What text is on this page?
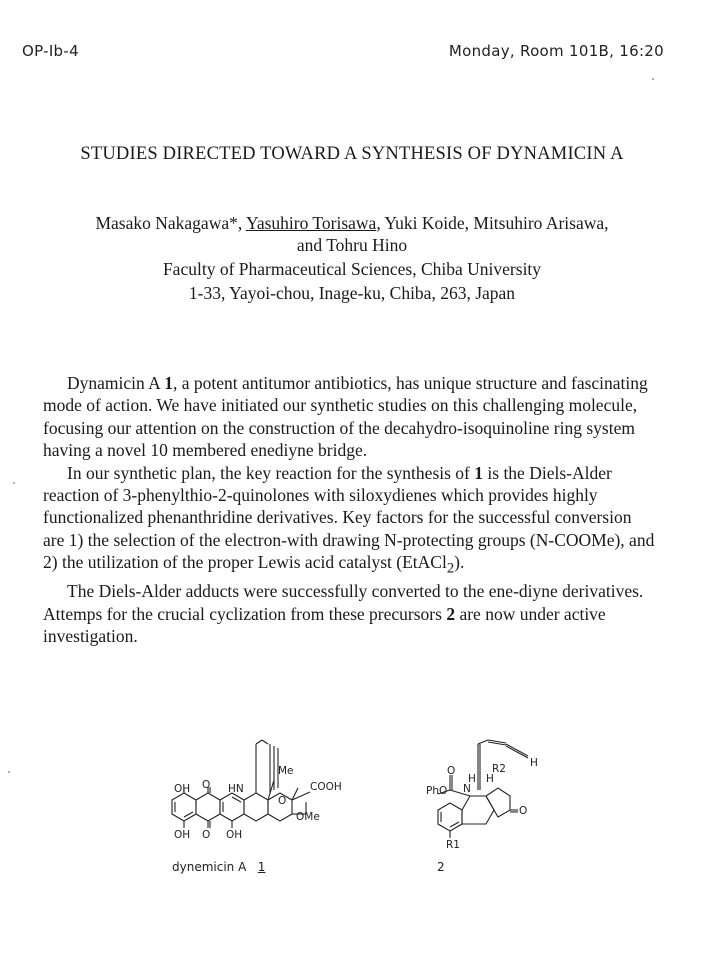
OP-Ib-4	Monday, Room 101B, 16:20
STUDIES DIRECTED TOWARD A SYNTHESIS OF DYNAMICIN A
Masako Nakagawa*, Yasuhiro Torisawa, Yuki Koide, Mitsuhiro Arisawa,
and Tohru Hino
Faculty of Pharmaceutical Sciences, Chiba University
1-33, Yayoi-chou, Inage-ku, Chiba, 263, Japan

Dynamicin A 1, a potent antitumor antibiotics, has unique structure and fascinating mode of action. We have initiated our synthetic studies on this challenging molecule, focusing our attention on the construction of the decahydro-isoquinoline ring system having a novel 10 membered enediyne bridge.

In our synthetic plan, the key reaction for the synthesis of 1 is the Diels-Alder reaction of 3-phenylthio-2-quinolones with siloxydienes which provides highly functionalized phenanthridine derivatives. Key factors for the successful conversion are 1) the selection of the electron-with drawing N-protecting groups (N-COOMe), and 2) the utilization of the proper Lewis acid catalyst (EtACl$_2$).

The Diels-Alder adducts were successfully converted to the ene-diyne derivatives. Attemps for the crucial cyclization from these precursors 2 are now under active investigation.

OH O HN
Me
COOH
O
OMe
OH O OH
O
H H
R2 H
PhO N
O
R1
dynemicin A 1	2
